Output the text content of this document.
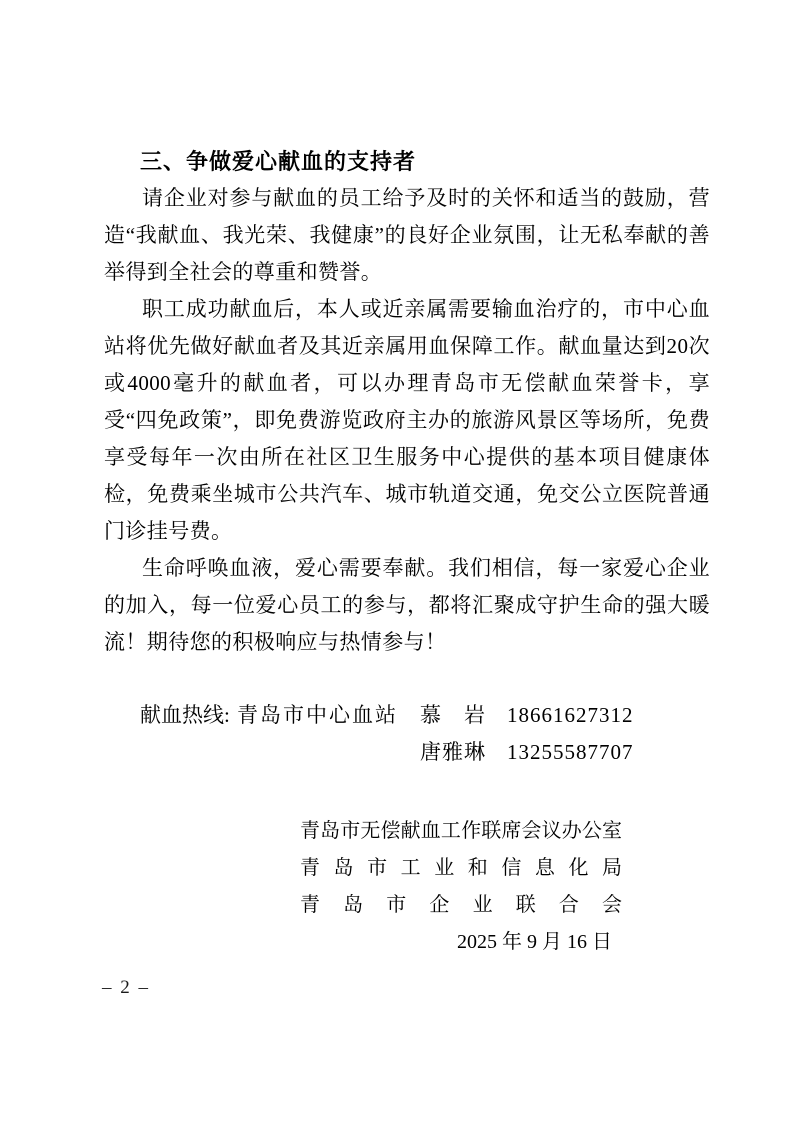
三、争做爱心献血的支持者

请企业对参与献血的员工给予及时的关怀和适当的鼓励，营造“我献血、我光荣、我健康”的良好企业氛围，让无私奉献的善举得到全社会的尊重和赞誉。

职工成功献血后，本人或近亲属需要输血治疗的，市中心血站将优先做好献血者及其近亲属用血保障工作。献血量达到20次或4000毫升的献血者，可以办理青岛市无偿献血荣誉卡，享受“四免政策”，即免费游览政府主办的旅游风景区等场所，免费享受每年一次由所在社区卫生服务中心提供的基本项目健康体检，免费乘坐城市公共汽车、城市轨道交通，免交公立医院普通门诊挂号费。

生命呼唤血液，爱心需要奉献。我们相信，每一家爱心企业的加入，每一位爱心员工的参与，都将汇聚成守护生命的强大暖流！期待您的积极响应与热情参与！

献血热线: 青岛市中心血站 慕　岩 18661627312
唐雅琳 13255587707
青岛市无偿献血工作联席会议办公室
青岛市工业和信息化局
青岛市企业联合会
2025 年 9 月 16 日
– 2 –
